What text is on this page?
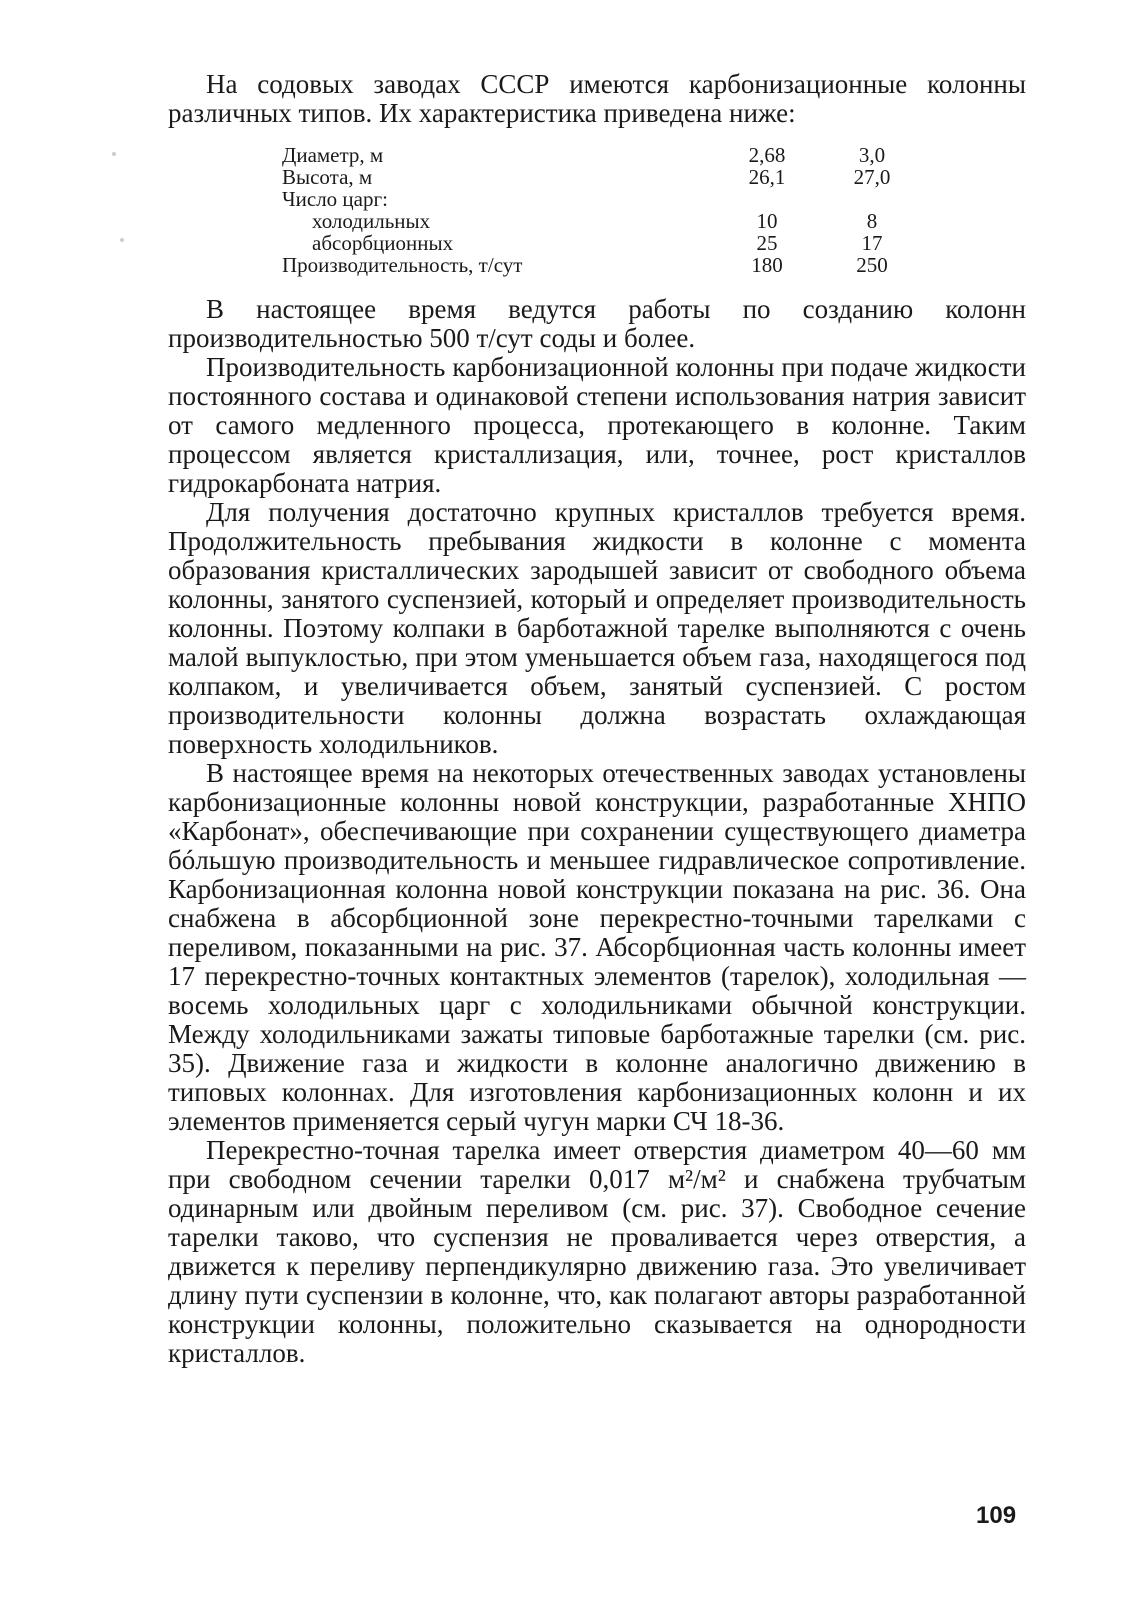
На содовых заводах СССР имеются карбонизационные колонны различных типов. Их характеристика приведена ниже:

Диаметр, м	2,68	3,0
Высота, м	26,1	27,0
Число царг:		
холодильных	10	8
абсорбционных	25	17
Производительность, т/сут	180	250

В настоящее время ведутся работы по созданию колонн производительностью 500 т/сут соды и более.

Производительность карбонизационной колонны при подаче жидкости постоянного состава и одинаковой степени использования натрия зависит от самого медленного процесса, протекающего в колонне. Таким процессом является кристаллизация, или, точнее, рост кристаллов гидрокарбоната натрия.

Для получения достаточно крупных кристаллов требуется время. Продолжительность пребывания жидкости в колонне с момента образования кристаллических зародышей зависит от свободного объема колонны, занятого суспензией, который и определяет производительность колонны. Поэтому колпаки в барботажной тарелке выполняются с очень малой выпуклостью, при этом уменьшается объем газа, находящегося под колпаком, и увеличивается объем, занятый суспензией. С ростом производительности колонны должна возрастать охлаждающая поверхность холодильников.

В настоящее время на некоторых отечественных заводах установлены карбонизационные колонны новой конструкции, разработанные ХНПО «Карбонат», обеспечивающие при сохранении существующего диаметра бóльшую производительность и меньшее гидравлическое сопротивление. Карбонизационная колонна новой конструкции показана на рис. 36. Она снабжена в абсорбционной зоне перекрестно-точными тарелками с переливом, показанными на рис. 37. Абсорбционная часть колонны имеет 17 перекрестно-точных контактных элементов (тарелок), холодильная — восемь холодильных царг с холодильниками обычной конструкции. Между холодильниками зажаты типовые барботажные тарелки (см. рис. 35). Движение газа и жидкости в колонне аналогично движению в типовых колоннах. Для изготовления карбонизационных колонн и их элементов применяется серый чугун марки СЧ 18-36.

Перекрестно-точная тарелка имеет отверстия диаметром 40—60 мм при свободном сечении тарелки 0,017 м²/м² и снабжена трубчатым одинарным или двойным переливом (см. рис. 37). Свободное сечение тарелки таково, что суспензия не проваливается через отверстия, а движется к переливу перпендикулярно движению газа. Это увеличивает длину пути суспензии в колонне, что, как полагают авторы разработанной конструкции колонны, положительно сказывается на однородности кристаллов.

109
